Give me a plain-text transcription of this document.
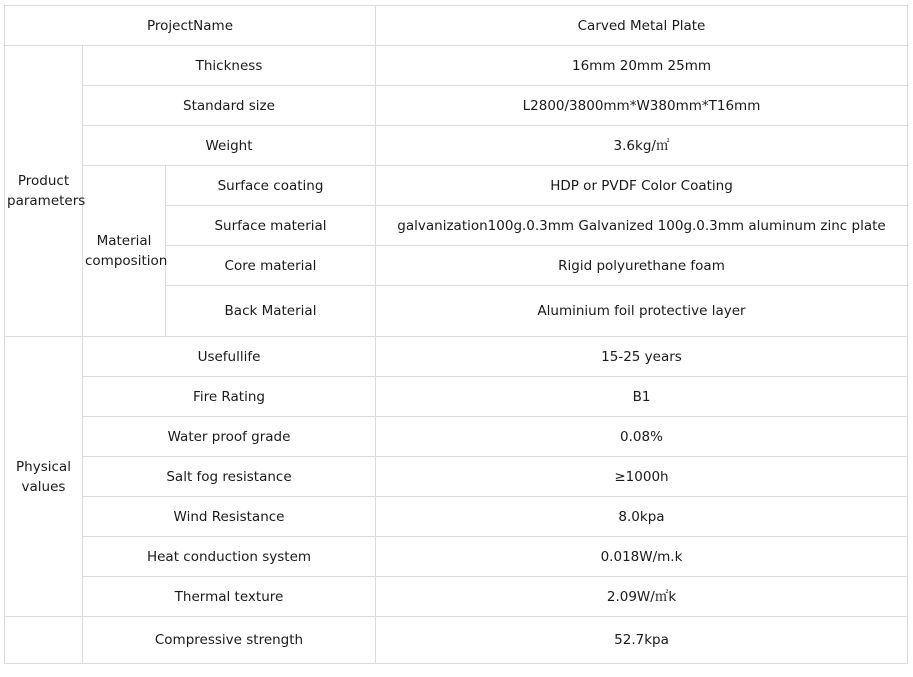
ProjectName			Carved Metal Plate
Product parameters	Thickness		16mm 20mm 25mm
	Standard size		L2800/3800mm*W380mm*T16mm
	Weight		3.6kg/㎡
	Material composition	Surface coating	HDP or PVDF Color Coating
		Surface material	galvanization100g.0.3mm Galvanized 100g.0.3mm aluminum zinc plate
		Core material	Rigid polyurethane foam
		Back Material	Aluminium foil protective layer
Physical values	Usefullife		15-25 years
	Fire Rating		B1
	Water proof grade		0.08%
	Salt fog resistance		≥1000h
	Wind Resistance		8.0kpa
	Heat conduction system		0.018W/m.k
	Thermal texture		2.09W/㎡k
	Compressive strength		52.7kpa
